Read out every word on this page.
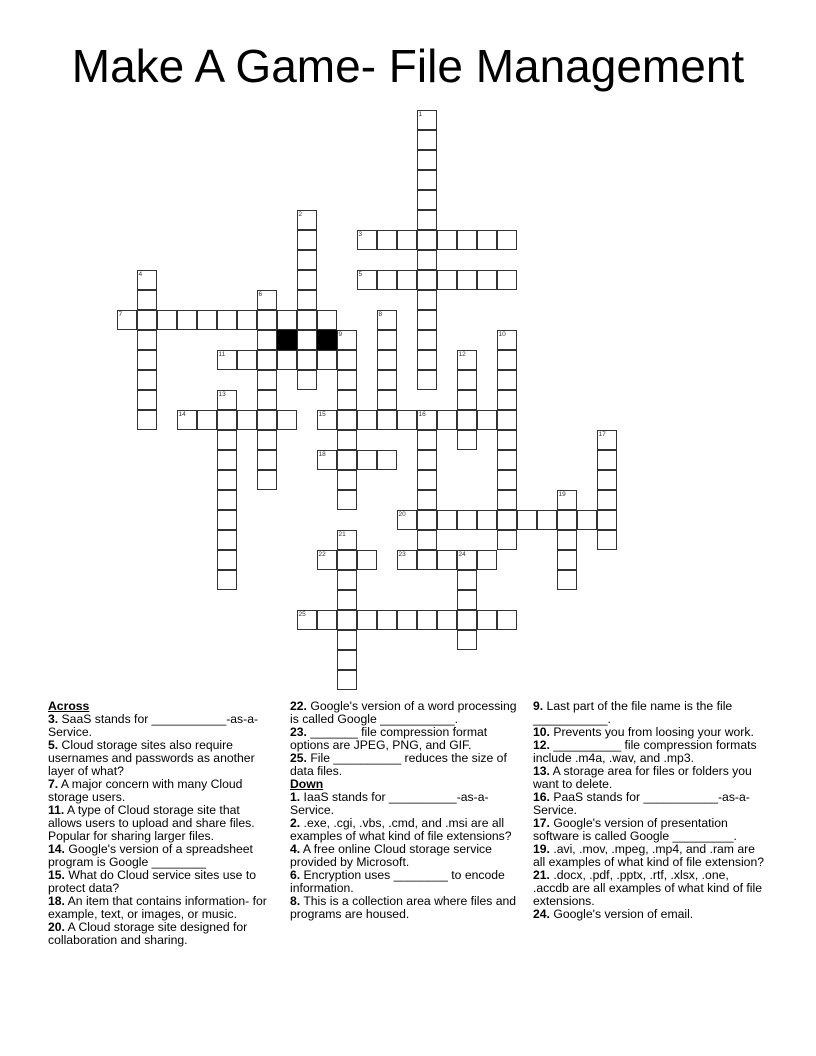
Make A Game- File Management
1
2
3
4	5
6
7	8
9	10
11	12
13
14	15	16
17
18
19
20
21
22	23	24
25

Across

3. SaaS stands for ___________-as-a-Service.

5. Cloud storage sites also require usernames and passwords as another layer of what?

7. A major concern with many Cloud storage users.

11. A type of Cloud storage site that allows users to upload and share files. Popular for sharing larger files.

14. Google's version of a spreadsheet program is Google ________

15. What do Cloud service sites use to protect data?

18. An item that contains information- for example, text, or images, or music.

20. A Cloud storage site designed for collaboration and sharing.

22. Google's version of a word processing is called Google ___________.

23. _______ file compression format options are JPEG, PNG, and GIF.

25. File __________ reduces the size of data files.

Down

1. IaaS stands for __________-as-a-Service.

2. .exe, .cgi, .vbs, .cmd, and .msi are all examples of what kind of file extensions?

4. A free online Cloud storage service provided by Microsoft.

6. Encryption uses ________ to encode information.

8. This is a collection area where files and programs are housed.

9. Last part of the file name is the file ___________.

10. Prevents you from loosing your work.

12. __________ file compression formats include .m4a, .wav, and .mp3.

13. A storage area for files or folders you want to delete.

16. PaaS stands for ___________-as-a-Service.

17. Google's version of presentation software is called Google _________.

19. .avi, .mov, .mpeg, .mp4, and .ram are all examples of what kind of file extension?

21. .docx, .pdf, .pptx, .rtf, .xlsx, .one, .accdb are all examples of what kind of file extensions.

24. Google's version of email.
